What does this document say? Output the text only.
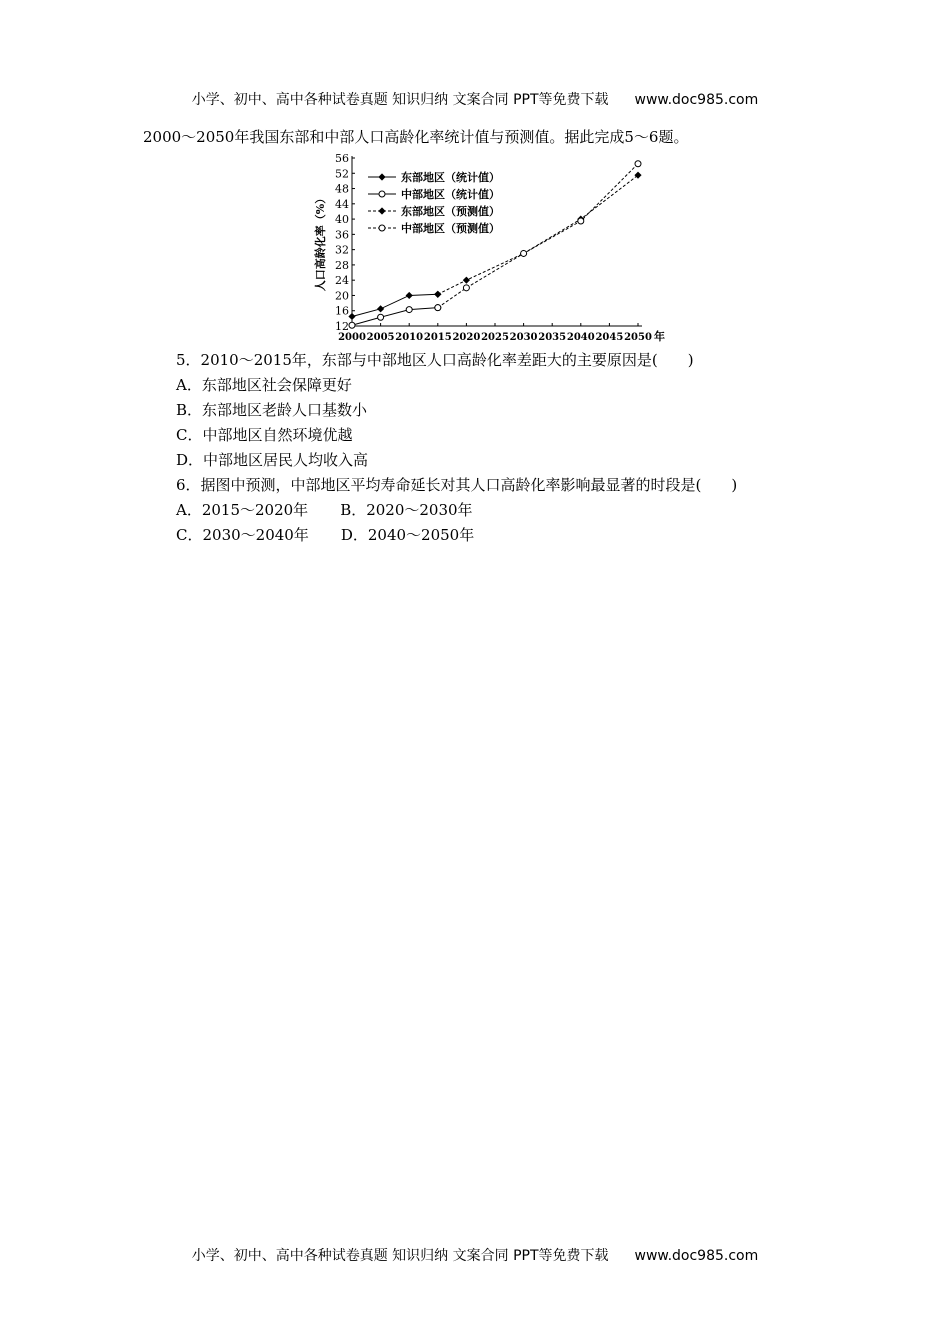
小学、初中、高中各种试卷真题 知识归纳 文案合同 PPT等免费下载 www.doc985.com
2000～2050年我国东部和中部人口高龄化率统计值与预测值。据此完成5～6题。
56
52
48
44
40
36
32
28
24
20
16
12
2000 2005 2010 2015 2020 2025 2030 2035 2040 2045 2050 年
人口高龄化率（%）
东部地区（统计值）
中部地区（统计值）
东部地区（预测值）
中部地区（预测值）
5．2010～2015年，东部与中部地区人口高龄化率差距大的主要原因是(　　)
A．东部地区社会保障更好
B．东部地区老龄人口基数小
C．中部地区自然环境优越
D．中部地区居民人均收入高
6．据图中预测，中部地区平均寿命延长对其人口高龄化率影响最显著的时段是(　　)
A．2015～2020年 B．2020～2030年
C．2030～2040年 D．2040～2050年
小学、初中、高中各种试卷真题 知识归纳 文案合同 PPT等免费下载 www.doc985.com
